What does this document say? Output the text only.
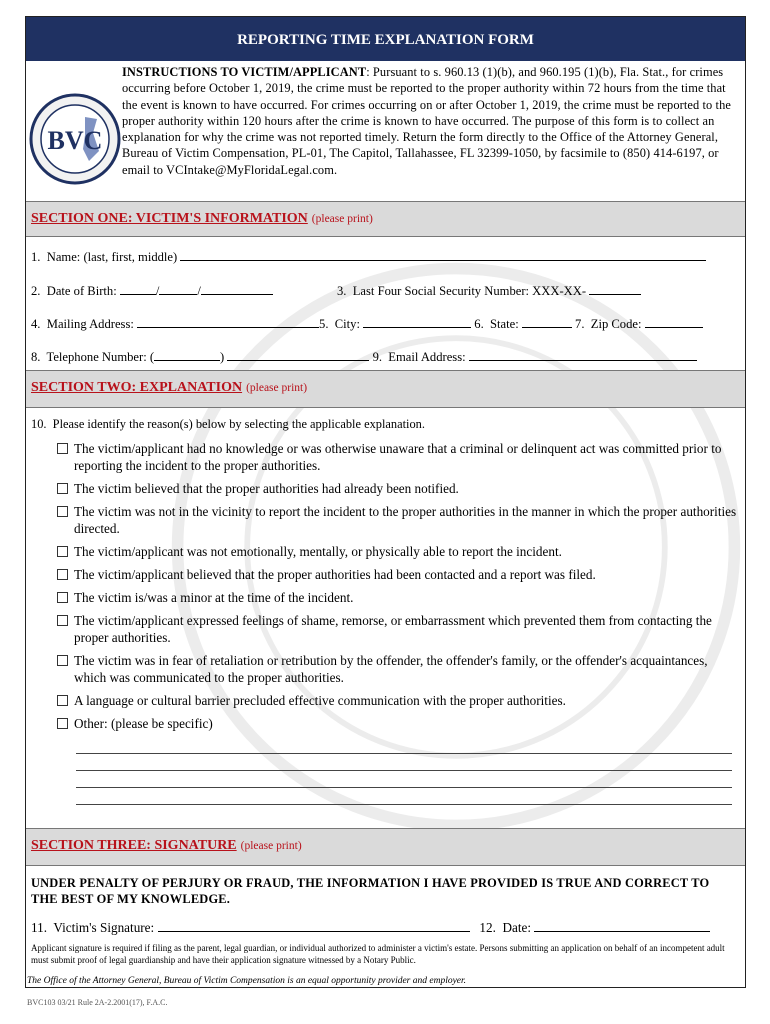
REPORTING TIME EXPLANATION FORM
BVC
INSTRUCTIONS TO VICTIM/APPLICANT: Pursuant to s. 960.13 (1)(b), and 960.195 (1)(b), Fla. Stat., for crimes occurring before October 1, 2019, the crime must be reported to the proper authority within 72 hours from the time that the event is known to have occurred. For crimes occurring on or after October 1, 2019, the crime must be reported to the proper authority within 120 hours after the crime is known to have occurred. The purpose of this form is to collect an explanation for why the crime was not reported timely. Return the form directly to the Office of the Attorney General, Bureau of Victim Compensation, PL-01, The Capitol, Tallahassee, FL 32399-1050, by facsimile to (850) 414-6197, or email to VCIntake@MyFloridaLegal.com.
SECTION ONE: VICTIM'S INFORMATION (please print)
1.  Name: (last, first, middle)
2.  Date of Birth:	/	/	3.  Last Four Social Security Number: XXX-XX-
4.  Mailing Address:	5.  City:	6.  State:	7.  Zip Code:
8.  Telephone Number: (	)	9.  Email Address:
SECTION TWO: EXPLANATION (please print)
10.  Please identify the reason(s) below by selecting the applicable explanation.
The victim/applicant had no knowledge or was otherwise unaware that a criminal or delinquent act was committed prior to reporting the incident to the proper authorities.
The victim believed that the proper authorities had already been notified.
The victim was not in the vicinity to report the incident to the proper authorities in the manner in which the proper authorities directed.
The victim/applicant was not emotionally, mentally, or physically able to report the incident.
The victim/applicant believed that the proper authorities had been contacted and a report was filed.
The victim is/was a minor at the time of the incident.
The victim/applicant expressed feelings of shame, remorse, or embarrassment which prevented them from contacting the proper authorities.
The victim was in fear of retaliation or retribution by the offender, the offender's family, or the offender's acquaintances, which was communicated to the proper authorities.
A language or cultural barrier precluded effective communication with the proper authorities.
Other: (please be specific)
SECTION THREE: SIGNATURE (please print)
UNDER PENALTY OF PERJURY OR FRAUD, THE INFORMATION I HAVE PROVIDED IS TRUE AND CORRECT TO THE BEST OF MY KNOWLEDGE.
11.  Victim's Signature:	12.  Date:
Applicant signature is required if filing as the parent, legal guardian, or individual authorized to administer a victim's estate. Persons submitting an application on behalf of an incompetent adult must submit proof of legal guardianship and have their application signature witnessed by a Notary Public.
The Office of the Attorney General, Bureau of Victim Compensation is an equal opportunity provider and employer.
BVC103 03/21 Rule 2A-2.2001(17), F.A.C.
